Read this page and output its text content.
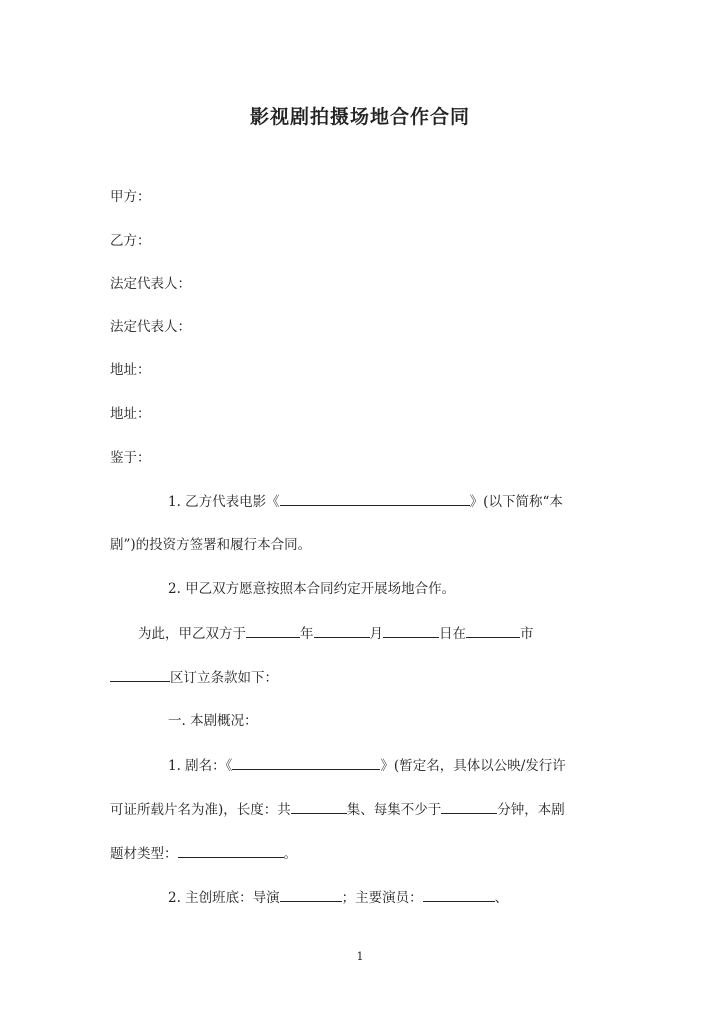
影视剧拍摄场地合作合同
甲方：
乙方：
法定代表人：
法定代表人：
地址：
地址：
鉴于：
1. 乙方代表电影《	》(以下简称“本
剧”)的投资方签署和履行本合同。
2. 甲乙双方愿意按照本合同约定开展场地合作。
为此，甲乙双方于	年	月	日在	市
区订立条款如下：
一. 本剧概况：
1. 剧名：《	》(暂定名，具体以公映/发行许
可证所载片名为准)，长度：共	集、每集不少于	分钟，本剧
题材类型：	。
2. 主创班底：导演	；主要演员：	、
1
